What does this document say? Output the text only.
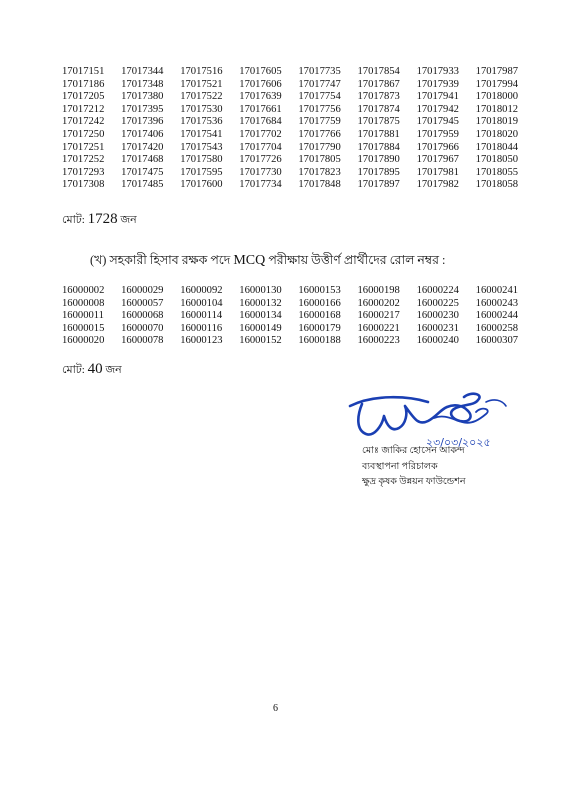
17017151	17017344	17017516	17017605	17017735	17017854	17017933	17017987
17017186	17017348	17017521	17017606	17017747	17017867	17017939	17017994
17017205	17017380	17017522	17017639	17017754	17017873	17017941	17018000
17017212	17017395	17017530	17017661	17017756	17017874	17017942	17018012
17017242	17017396	17017536	17017684	17017759	17017875	17017945	17018019
17017250	17017406	17017541	17017702	17017766	17017881	17017959	17018020
17017251	17017420	17017543	17017704	17017790	17017884	17017966	17018044
17017252	17017468	17017580	17017726	17017805	17017890	17017967	17018050
17017293	17017475	17017595	17017730	17017823	17017895	17017981	17018055
17017308	17017485	17017600	17017734	17017848	17017897	17017982	17018058
মোট: 1728 জন
(খ) সহকারী হিসাব রক্ষক পদে MCQ পরীক্ষায় উত্তীর্ণ প্রার্থীদের রোল নম্বর :
16000002	16000029	16000092	16000130	16000153	16000198	16000224	16000241
16000008	16000057	16000104	16000132	16000166	16000202	16000225	16000243
16000011	16000068	16000114	16000134	16000168	16000217	16000230	16000244
16000015	16000070	16000116	16000149	16000179	16000221	16000231	16000258
16000020	16000078	16000123	16000152	16000188	16000223	16000240	16000307
মোট: 40 জন
২৩/০৩/২০২৫
মোঃ জাকির হোসেন আকন্দ
ব্যবস্থাপনা পরিচালক
ক্ষুদ্র কৃষক উন্নয়ন ফাউন্ডেশন
6
